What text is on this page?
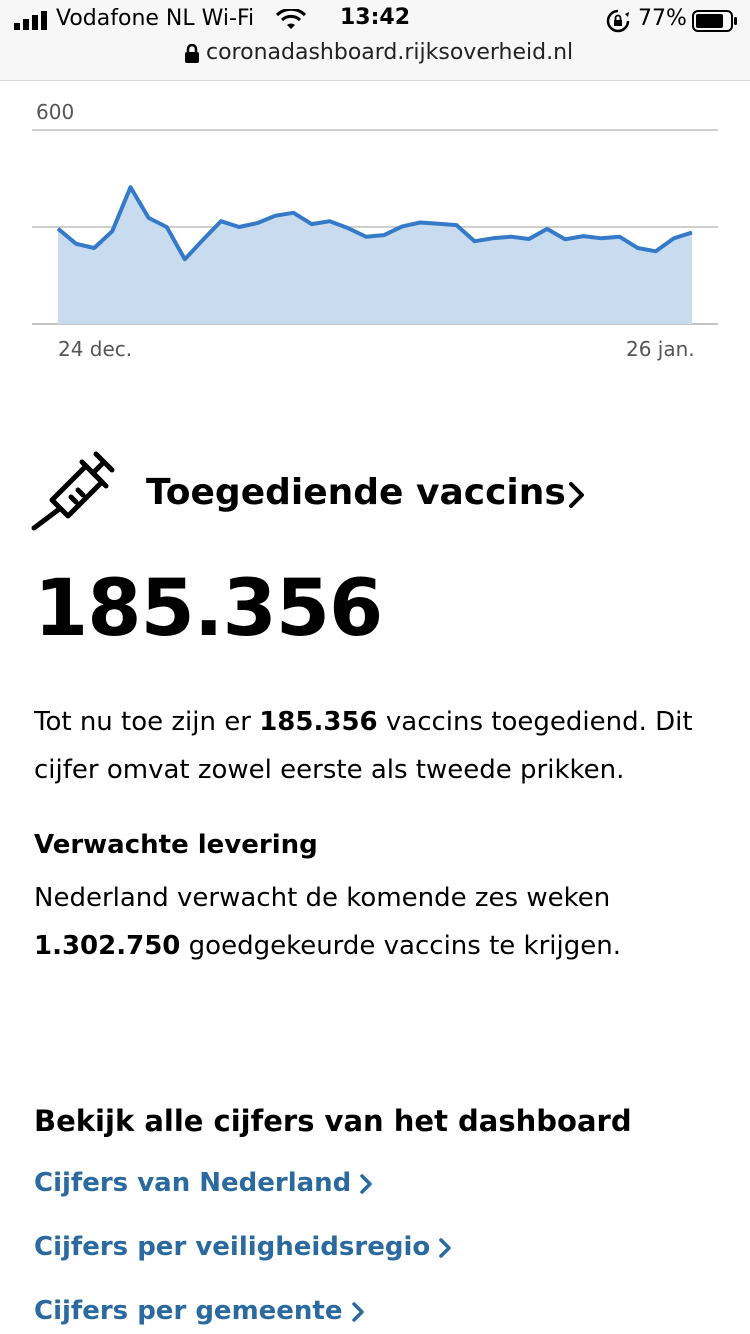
Vodafone NL Wi-Fi	13:42	77%
coronadashboard.rijksoverheid.nl
600
24 dec.	26 jan.
Toegediende vaccins
185.356
Tot nu toe zijn er 185.356 vaccins toegediend. Dit cijfer omvat zowel eerste als tweede prikken.
Verwachte levering
Nederland verwacht de komende zes weken 1.302.750 goedgekeurde vaccins te krijgen.
Bekijk alle cijfers van het dashboard
Cijfers van Nederland
Cijfers per veiligheidsregio
Cijfers per gemeente
